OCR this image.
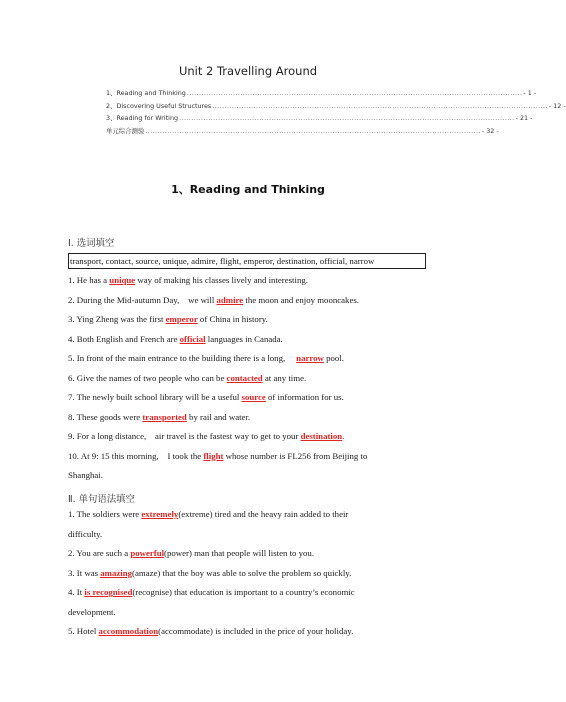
Unit 2 Travelling Around
1、Reading and Thinking .......................................................................................................................................... - 1 -
2、Discovering Useful Structures .......................................................................................................................................... - 12 -
3、Reading for Writing .......................................................................................................................................... - 21 -
单元综合测验 .......................................................................................................................................... - 32 -
1、Reading and Thinking
Ⅰ. 选词填空
transport, contact, source, unique, admire, flight, emperor, destination, official, narrow
1. He has a unique way of making his classes lively and interesting.
2. During the Mid-autumn Day,    we will admire the moon and enjoy mooncakes.
3. Ying Zheng was the first emperor of China in history.
4. Both English and French are official languages in Canada.
5. In front of the main entrance to the building there is a long,     narrow pool.
6. Give the names of two people who can be contacted at any time.
7. The newly built school library will be a useful source of information for us.
8. These goods were transported by rail and water.
9. For a long distance,    air travel is the fastest way to get to your destination.
10. At 9: 15 this morning,    I took the flight whose number is FL256 from Beijing to
Shanghai.
Ⅱ. 单句语法填空
1. The soldiers were extremely(extreme) tired and the heavy rain added to their
difficulty.
2. You are such a powerful(power) man that people will listen to you.
3. It was amazing(amaze) that the boy was able to solve the problem so quickly.
4. It is recognised(recognise) that education is important to a country’s economic
development.
5. Hotel accommodation(accommodate) is included in the price of your holiday.
